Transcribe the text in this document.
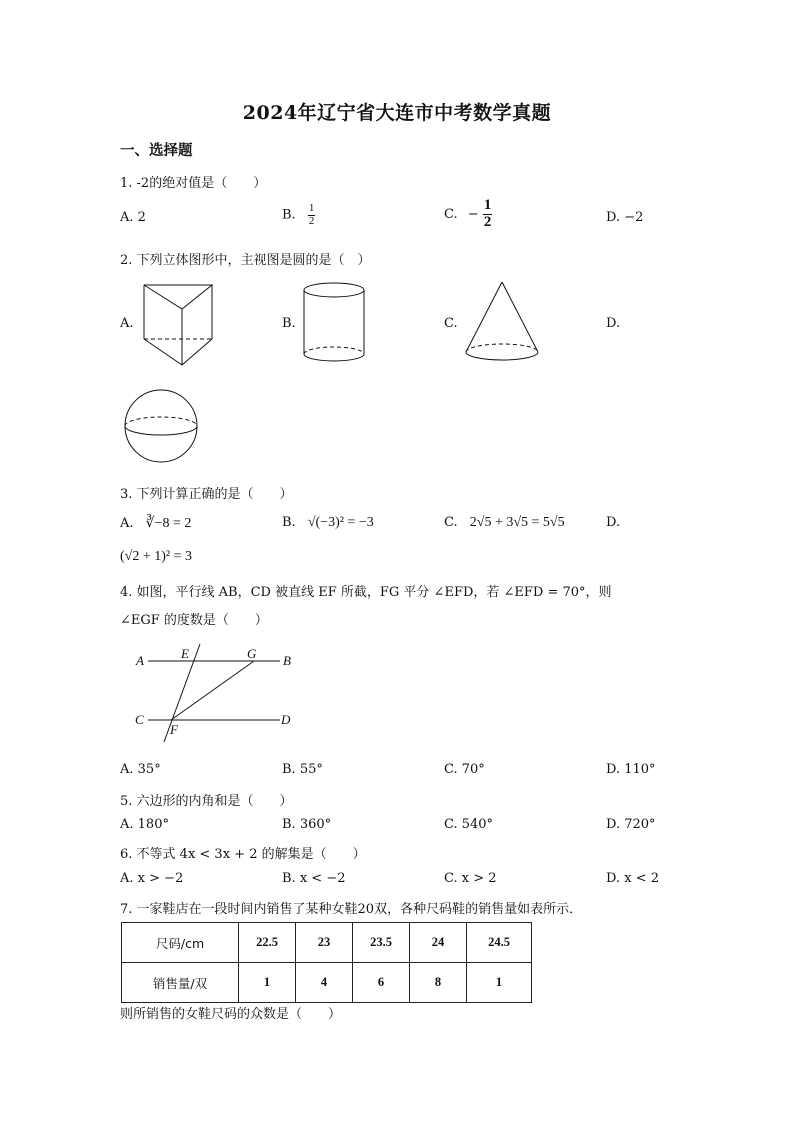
2024年辽宁省大连市中考数学真题
一、选择题
1. -2的绝对值是（　　）
A. 2	B. $\frac{1}{2}$	C. − $\frac{1}{2}$	D. −2
2. 下列立体图形中，主视图是圆的是（　）
A.	B.	C.	D.
3. 下列计算正确的是（　　）
A. ∛−8 = 2	B. √(−3)² = −3	C. 2√5 + 3√5 = 5√5	D.
(√2 + 1)² = 3
4. 如图，平行线 AB，CD 被直线 EF 所截，FG 平分 ∠EFD，若 ∠EFD = 70°，则
∠EGF 的度数是（　　）
A	E	G B
C
F
D
A. 35°	B. 55°	C. 70°	D. 110°
5. 六边形的内角和是（　　）
A. 180°	B. 360°	C. 540°	D. 720°
6. 不等式 4x < 3x + 2 的解集是（　　）
A. x > −2	B. x < −2	C. x > 2	D. x < 2
7. 一家鞋店在一段时间内销售了某种女鞋20双，各种尺码鞋的销售量如表所示．
尺码/cm	22.5	23	23.5	24	24.5
销售量/双	1	4	6	8	1
则所销售的女鞋尺码的众数是（　　）
